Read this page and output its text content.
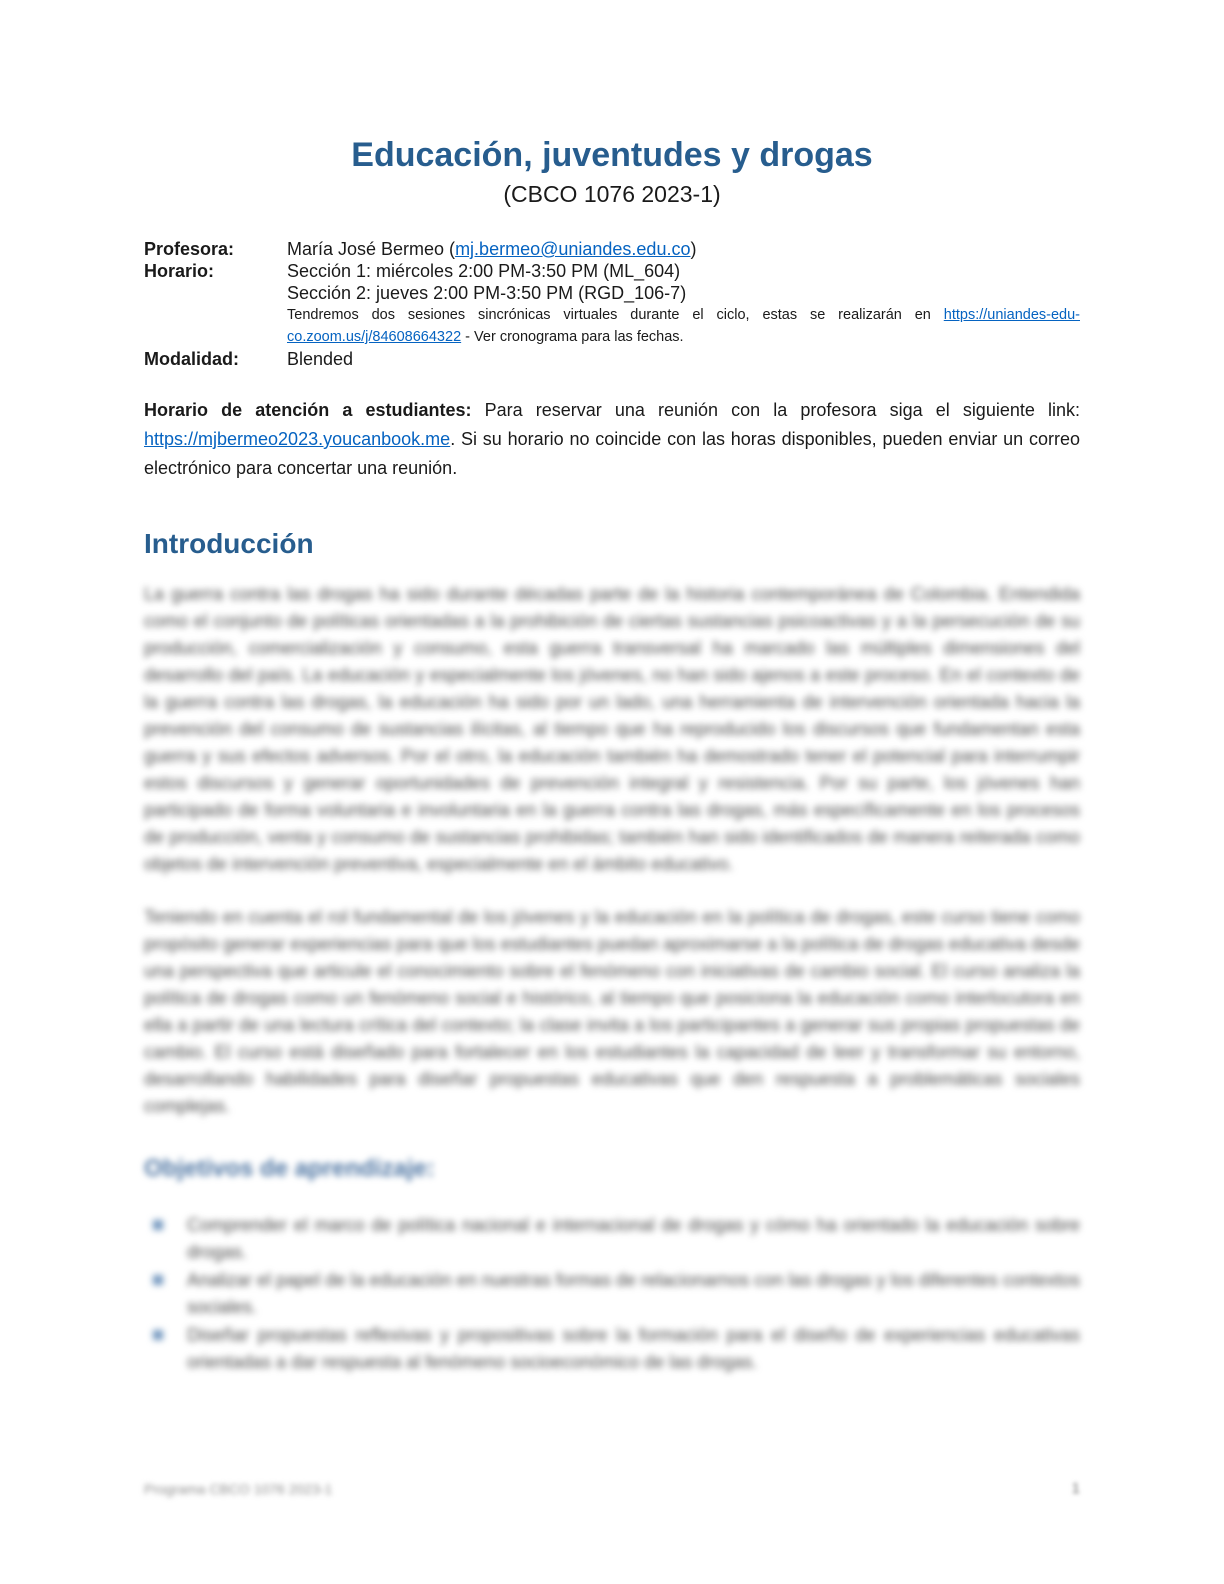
Educación, juventudes y drogas
(CBCO 1076 2023-1)
Profesora:	María José Bermeo (mj.bermeo@uniandes.edu.co)
Horario:	Sección 1: miércoles 2:00 PM-3:50 PM (ML_604)
Sección 2: jueves 2:00 PM-3:50 PM (RGD_106-7)
Tendremos dos sesiones sincrónicas virtuales durante el ciclo, estas se realizarán en https://uniandes-edu-co.zoom.us/j/84608664322 - Ver cronograma para las fechas.
Modalidad:	Blended

Horario de atención a estudiantes: Para reservar una reunión con la profesora siga el siguiente link: https://mjbermeo2023.youcanbook.me. Si su horario no coincide con las horas disponibles, pueden enviar un correo electrónico para concertar una reunión.

Introducción

La guerra contra las drogas ha sido durante décadas parte de la historia contemporánea de Colombia. Entendida como el conjunto de políticas orientadas a la prohibición de ciertas sustancias psicoactivas y a la persecución de su producción, comercialización y consumo, esta guerra transversal ha marcado las múltiples dimensiones del desarrollo del país. La educación y especialmente los jóvenes, no han sido ajenos a este proceso. En el contexto de la guerra contra las drogas, la educación ha sido por un lado, una herramienta de intervención orientada hacia la prevención del consumo de sustancias ilícitas, al tiempo que ha reproducido los discursos que fundamentan esta guerra y sus efectos adversos. Por el otro, la educación también ha demostrado tener el potencial para interrumpir estos discursos y generar oportunidades de prevención integral y resistencia. Por su parte, los jóvenes han participado de forma voluntaria e involuntaria en la guerra contra las drogas, más específicamente en los procesos de producción, venta y consumo de sustancias prohibidas; también han sido identificados de manera reiterada como objetos de intervención preventiva, especialmente en el ámbito educativo.

Teniendo en cuenta el rol fundamental de los jóvenes y la educación en la política de drogas, este curso tiene como propósito generar experiencias para que los estudiantes puedan aproximarse a la política de drogas educativa desde una perspectiva que articule el conocimiento sobre el fenómeno con iniciativas de cambio social. El curso analiza la política de drogas como un fenómeno social e histórico, al tiempo que posiciona la educación como interlocutora en ella a partir de una lectura crítica del contexto; la clase invita a los participantes a generar sus propias propuestas de cambio. El curso está diseñado para fortalecer en los estudiantes la capacidad de leer y transformar su entorno, desarrollando habilidades para diseñar propuestas educativas que den respuesta a problemáticas sociales complejas.

Objetivos de aprendizaje:
Comprender el marco de política nacional e internacional de drogas y cómo ha orientado la educación sobre drogas.
Analizar el papel de la educación en nuestras formas de relacionarnos con las drogas y los diferentes contextos sociales.
Diseñar propuestas reflexivas y propositivas sobre la formación para el diseño de experiencias educativas orientadas a dar respuesta al fenómeno socioeconómico de las drogas.
Programa CBCO 1076 2023-1	1
